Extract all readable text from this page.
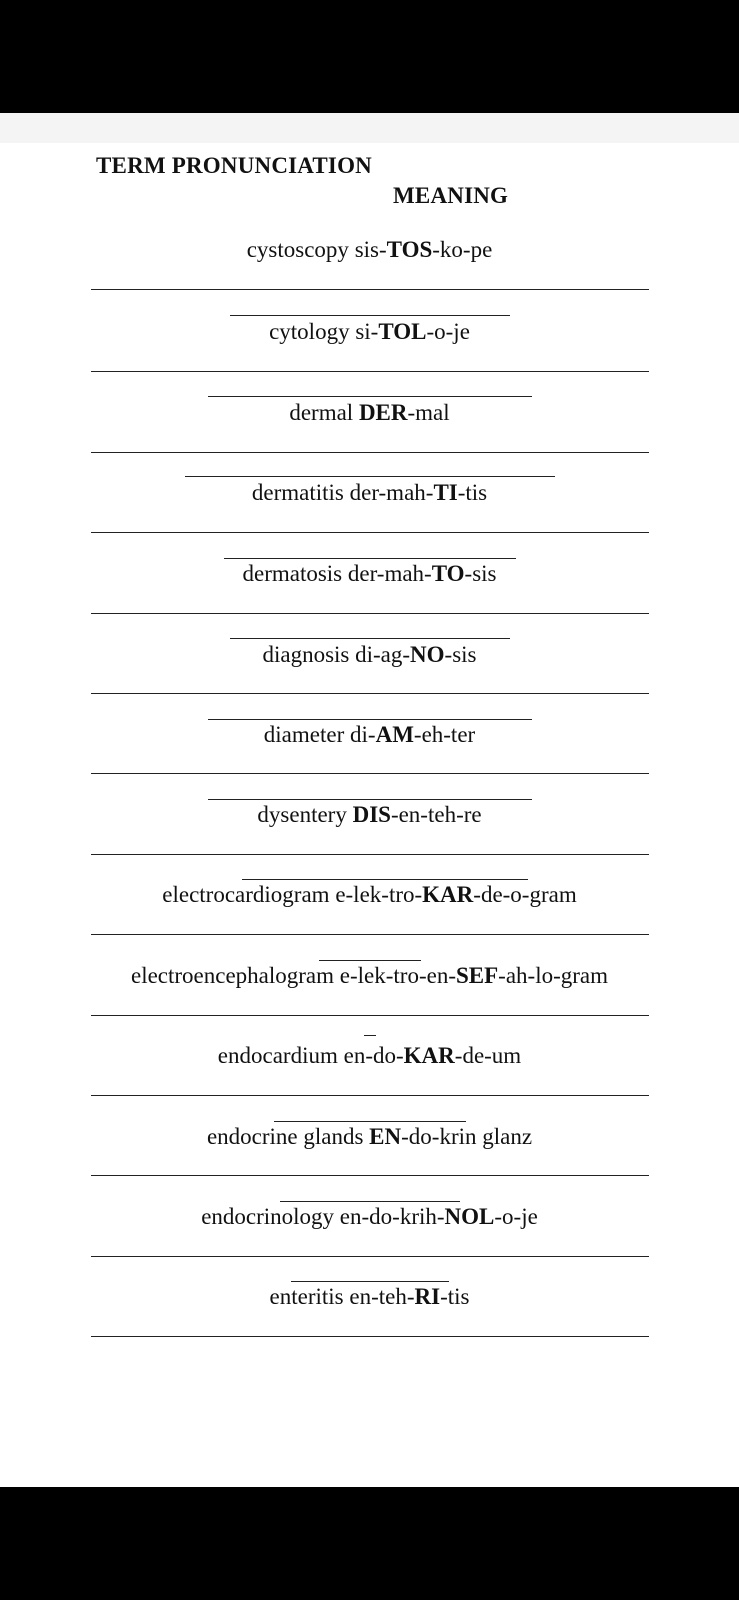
TERM PRONUNCIATION
MEANING
cystoscopy sis-TOS-ko-pe
cytology si-TOL-o-je
dermal DER-mal
dermatitis der-mah-TI-tis
dermatosis der-mah-TO-sis
diagnosis di-ag-NO-sis
diameter di-AM-eh-ter
dysentery DIS-en-teh-re
electrocardiogram e-lek-tro-KAR-de-o-gram
electroencephalogram e-lek-tro-en-SEF-ah-lo-gram
endocardium en-do-KAR-de-um
endocrine glands EN-do-krin glanz
endocrinology en-do-krih-NOL-o-je
enteritis en-teh-RI-tis
